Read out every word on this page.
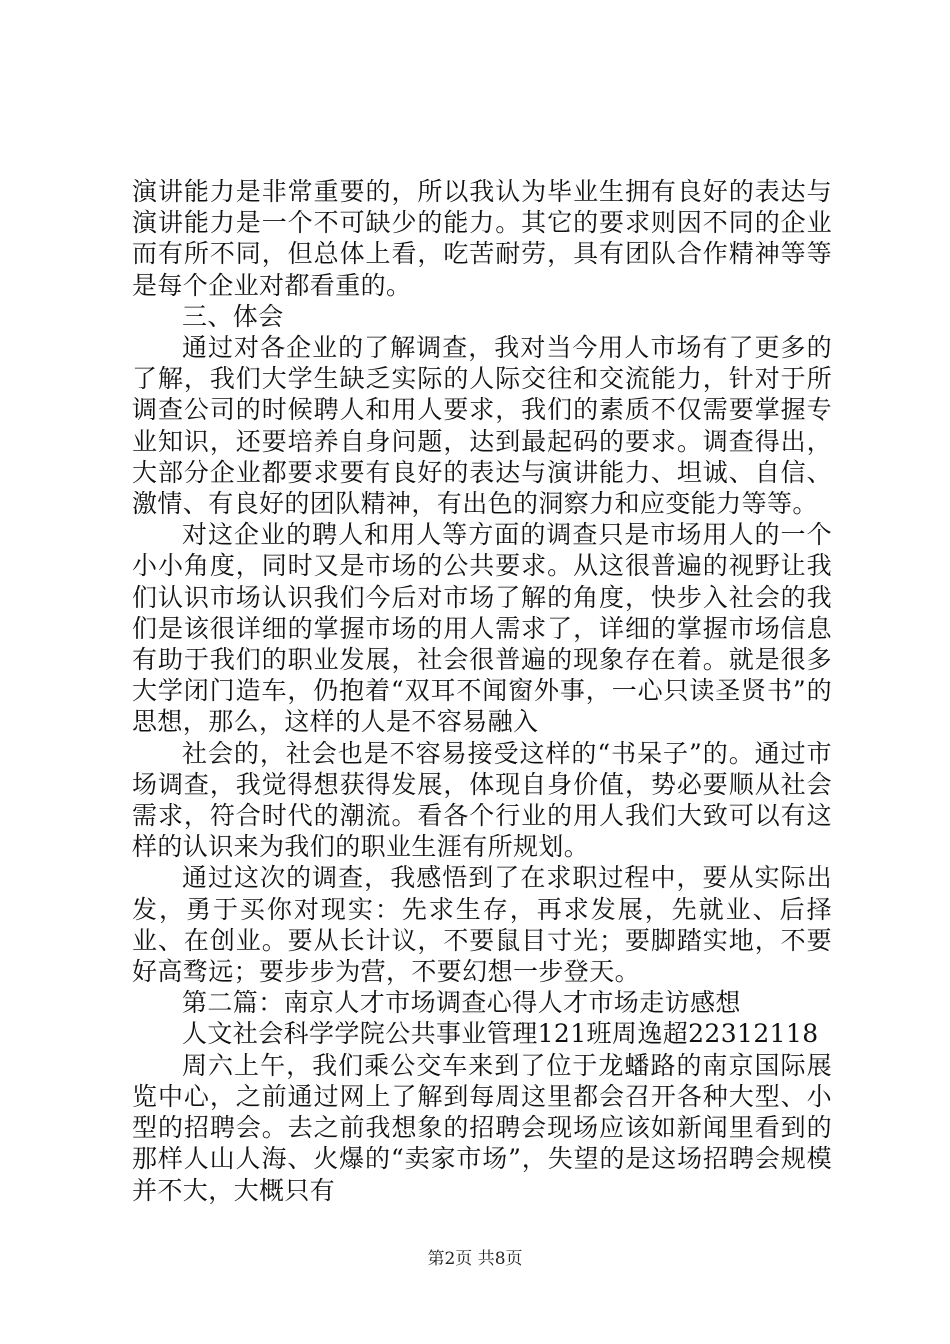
演讲能力是非常重要的，所以我认为毕业生拥有良好的表达与演讲能力是一个不可缺少的能力。其它的要求则因不同的企业而有所不同，但总体上看，吃苦耐劳，具有团队合作精神等等是每个企业对都看重的。

三、体会

通过对各企业的了解调查，我对当今用人市场有了更多的了解，我们大学生缺乏实际的人际交往和交流能力，针对于所调查公司的时候聘人和用人要求，我们的素质不仅需要掌握专业知识，还要培养自身问题，达到最起码的要求。调查得出，大部分企业都要求要有良好的表达与演讲能力、坦诚、自信、激情、有良好的团队精神，有出色的洞察力和应变能力等等。

对这企业的聘人和用人等方面的调查只是市场用人的一个小小角度，同时又是市场的公共要求。从这很普遍的视野让我们认识市场认识我们今后对市场了解的角度，快步入社会的我们是该很详细的掌握市场的用人需求了，详细的掌握市场信息有助于我们的职业发展，社会很普遍的现象存在着。就是很多大学闭门造车，仍抱着“双耳不闻窗外事，一心只读圣贤书”的思想，那么，这样的人是不容易融入

社会的，社会也是不容易接受这样的“书呆子”的。通过市场调查，我觉得想获得发展，体现自身价值，势必要顺从社会需求，符合时代的潮流。看各个行业的用人我们大致可以有这样的认识来为我们的职业生涯有所规划。

通过这次的调查，我感悟到了在求职过程中，要从实际出发，勇于买你对现实：先求生存，再求发展，先就业、后择业、在创业。要从长计议，不要鼠目寸光；要脚踏实地，不要好高骛远；要步步为营，不要幻想一步登天。

第二篇：南京人才市场调查心得人才市场走访感想

人文社会科学学院公共事业管理121班周逸超22312118

周六上午，我们乘公交车来到了位于龙蟠路的南京国际展览中心，之前通过网上了解到每周这里都会召开各种大型、小型的招聘会。去之前我想象的招聘会现场应该如新闻里看到的那样人山人海、火爆的“卖家市场”，失望的是这场招聘会规模并不大，大概只有

第2页 共8页
